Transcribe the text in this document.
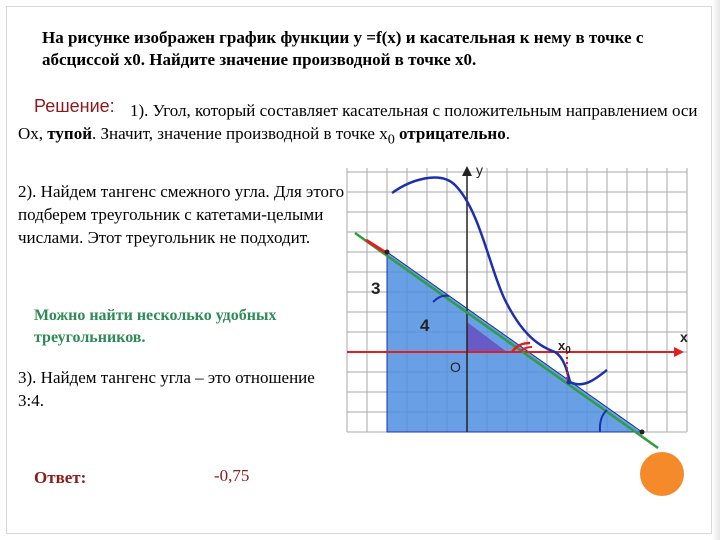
На рисунке изображен график функции y =f(x) и касательная к нему в точке с абсциссой x0. Найдите значение производной в точке x0.
1). Угол, который составляет касательная с положительным направлением оси Ох, тупой. Значит, значение производной в точке $x_0$ отрицательно.
Решение:
2). Найдем тангенс смежного угла. Для этого подберем треугольник с катетами-целыми числами. Этот треугольник не подходит.
Можно найти несколько удобных треугольников.
3). Найдем тангенс угла – это отношение 3:4.
Ответ:	-0,75
y
x
O
$x_0$
3
4
